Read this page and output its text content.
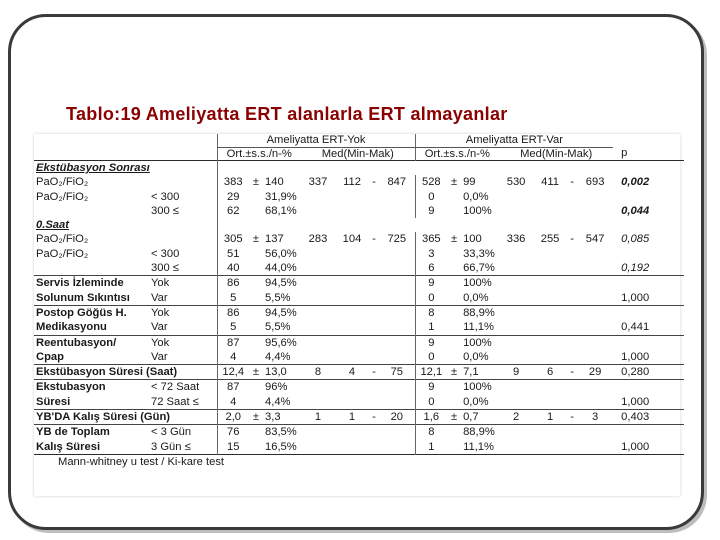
Tablo:19 Ameliyatta ERT alanlarla ERT almayanlar
		Ameliyatta ERT-Yok							Ameliyatta ERT-Var							
		Ort.±s.s./n-%			Med(Min-Mak)				Ort.±s.s./n-%			Med(Min-Mak)				p
Ekstübasyon Sonrası																
PaO₂/FiO₂		383	±	140	337	112	-	847	528	±	99	530	411	-	693	0,002
PaO₂/FiO₂	< 300	29		31,9%					0		0,0%					
	300 ≤	62		68,1%					9		100%					0,044
0.Saat																
PaO₂/FiO₂		305	±	137	283	104	-	725	365	±	100	336	255	-	547	0,085
PaO₂/FiO₂	< 300	51		56,0%					3		33,3%					
	300 ≤	40		44,0%					6		66,7%					0,192
Servis İzleminde	Yok	86		94,5%					9		100%					
Solunum Sıkıntısı	Var	5		5,5%					0		0,0%					1,000
Postop Göğüs H.	Yok	86		94,5%					8		88,9%					
Medikasyonu	Var	5		5,5%					1		11,1%					0,441
Reentubasyon/	Yok	87		95,6%					9		100%					
Cpap	Var	4		4,4%					0		0,0%					1,000
Ekstübasyon Süresi (Saat)		12,4	±	13,0	8	4	-	75	12,1	±	7,1	9	6	-	29	0,280
Ekstubasyon	< 72 Saat	87		96%					9		100%					
Süresi	72 Saat ≤	4		4,4%					0		0,0%					1,000
YB'DA Kalış Süresi (Gün)		2,0	±	3,3	1	1	-	20	1,6	±	0,7	2	1	-	3	0,403
YB de Toplam	< 3 Gün	76		83,5%					8		88,9%					
Kalış Süresi	3 Gün ≤	15		16,5%					1		11,1%					1,000
Mann-whitney u test / Ki-kare test																
